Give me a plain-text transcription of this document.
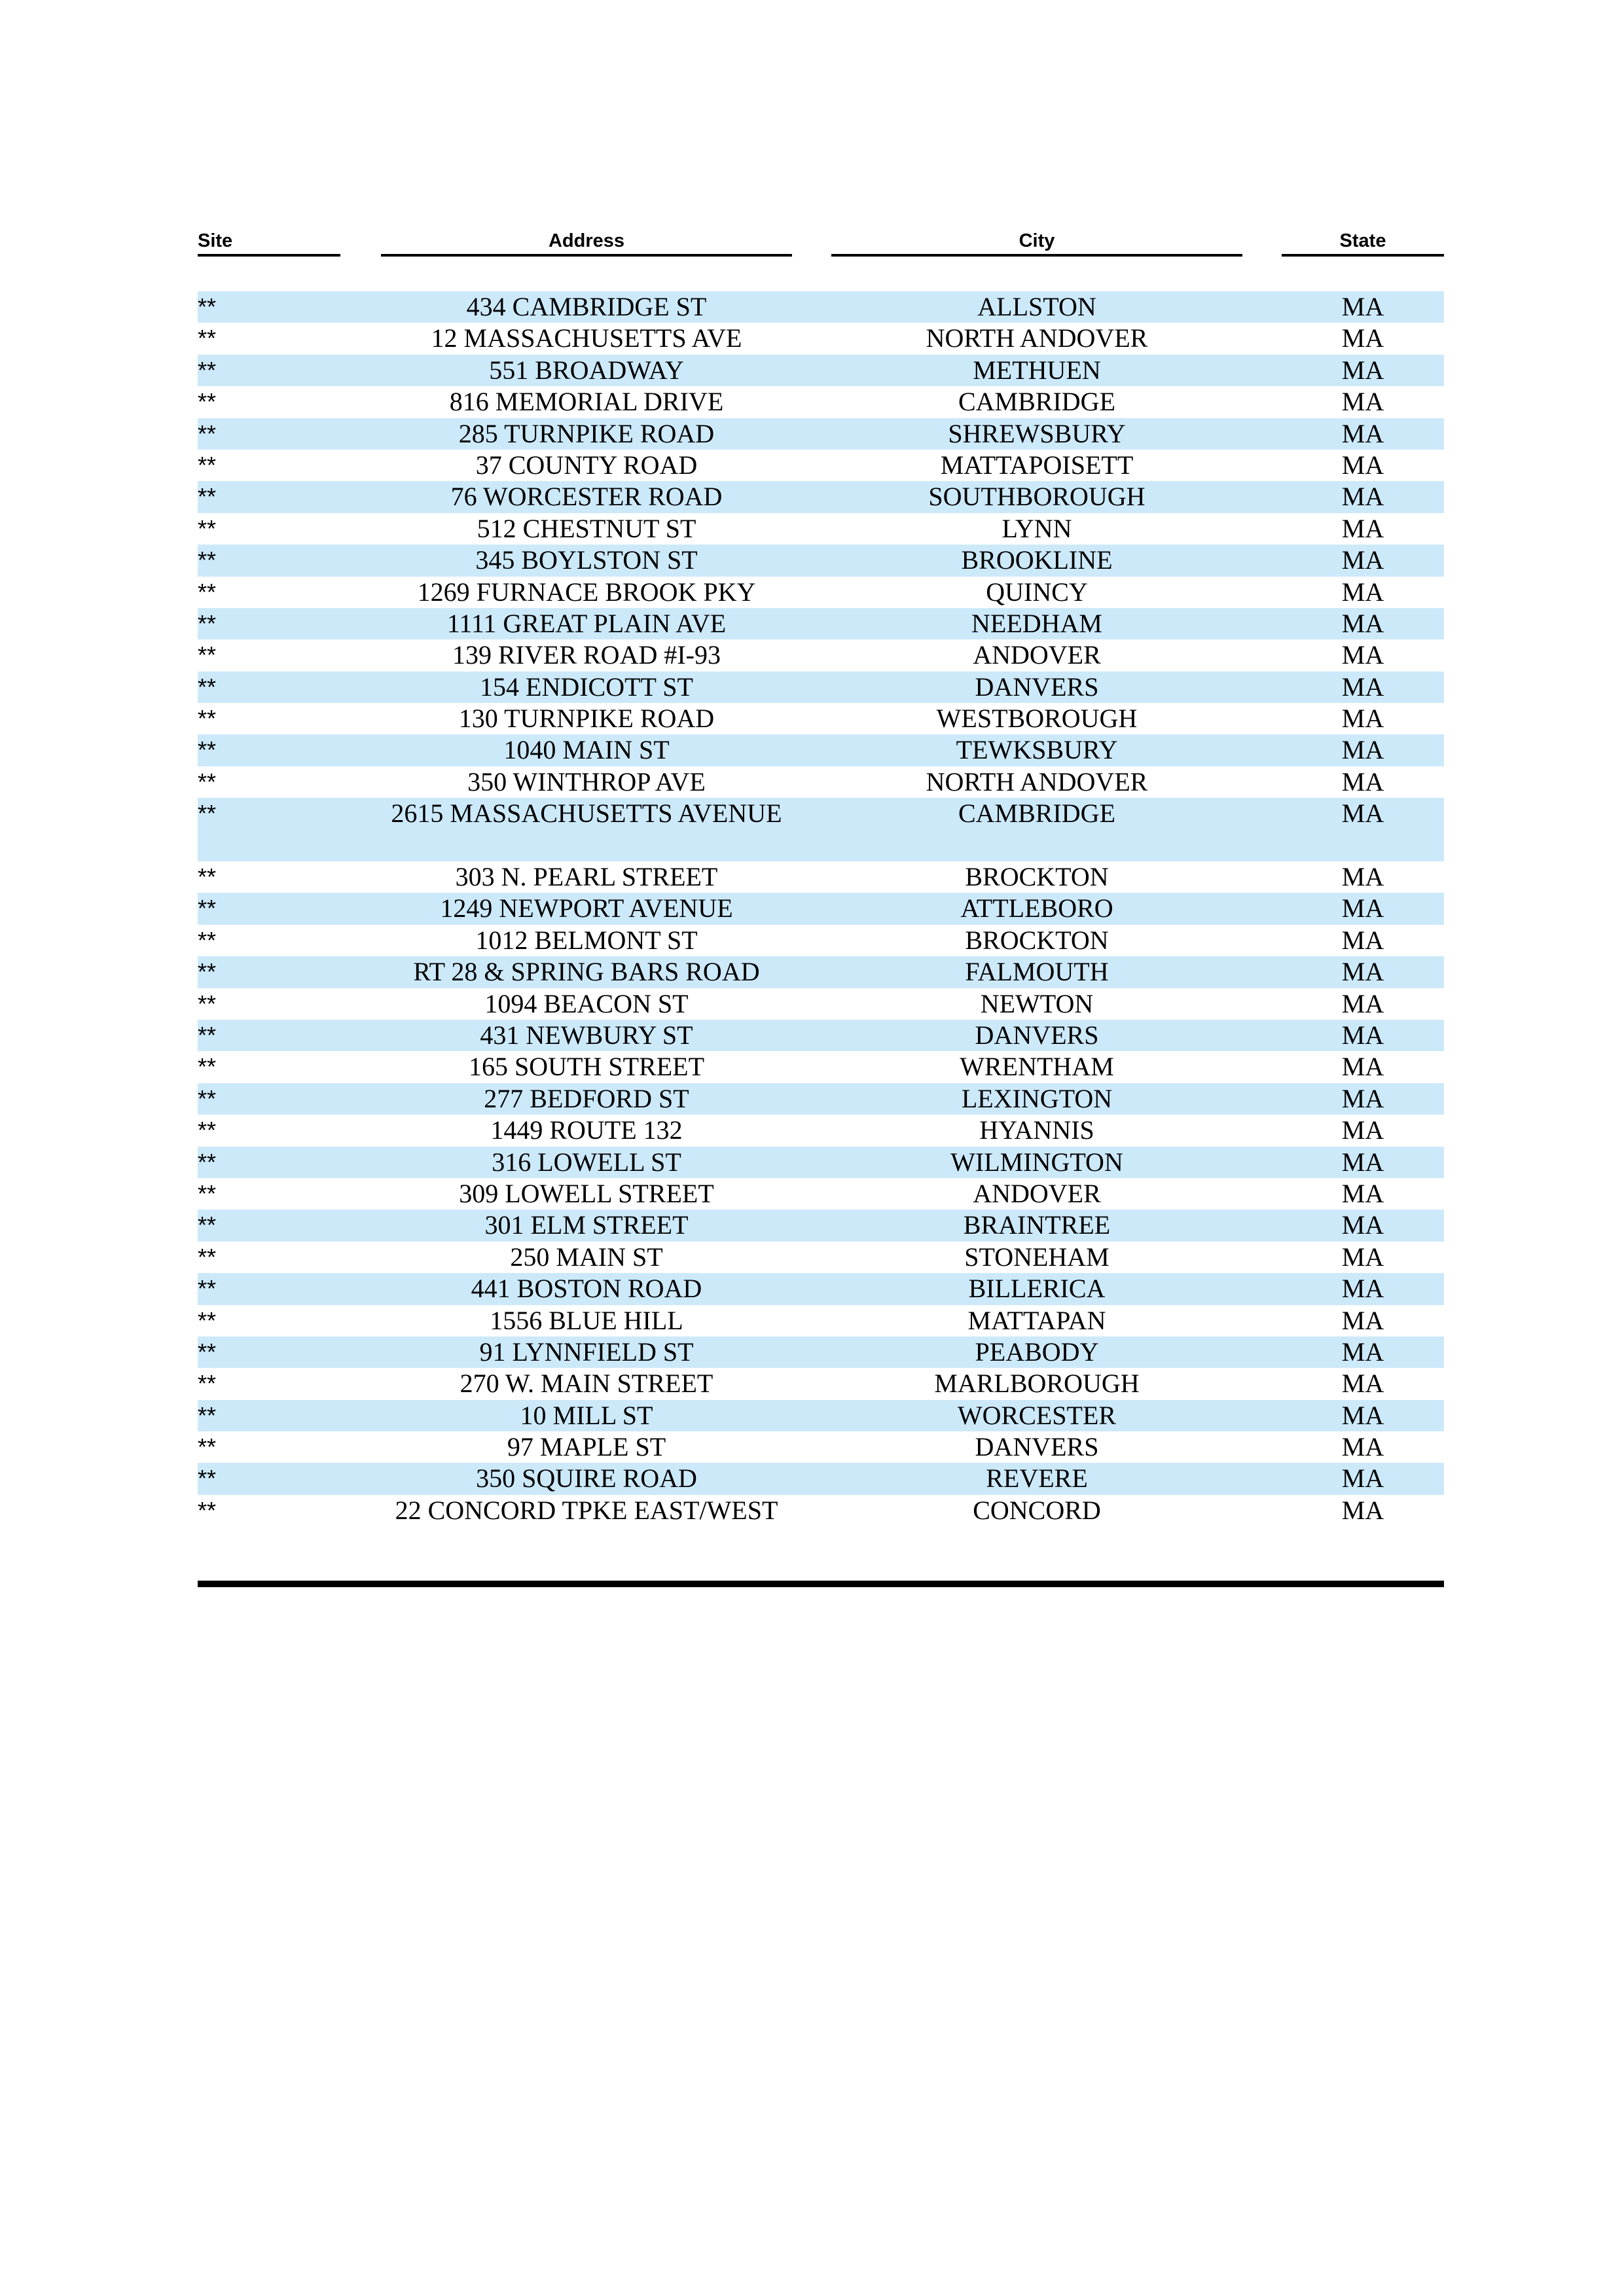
Site	Address	City	State
**	434 CAMBRIDGE ST	ALLSTON	MA
**	12 MASSACHUSETTS AVE	NORTH ANDOVER	MA
**	551 BROADWAY	METHUEN	MA
**	816 MEMORIAL DRIVE	CAMBRIDGE	MA
**	285 TURNPIKE ROAD	SHREWSBURY	MA
**	37 COUNTY ROAD	MATTAPOISETT	MA
**	76 WORCESTER ROAD	SOUTHBOROUGH	MA
**	512 CHESTNUT ST	LYNN	MA
**	345 BOYLSTON ST	BROOKLINE	MA
**	1269 FURNACE BROOK PKY	QUINCY	MA
**	1111 GREAT PLAIN AVE	NEEDHAM	MA
**	139 RIVER ROAD #I-93	ANDOVER	MA
**	154 ENDICOTT ST	DANVERS	MA
**	130 TURNPIKE ROAD	WESTBOROUGH	MA
**	1040 MAIN ST	TEWKSBURY	MA
**	350 WINTHROP AVE	NORTH ANDOVER	MA
**	2615 MASSACHUSETTS AVENUE	CAMBRIDGE	MA
**	303 N. PEARL STREET	BROCKTON	MA
**	1249 NEWPORT AVENUE	ATTLEBORO	MA
**	1012 BELMONT ST	BROCKTON	MA
**	RT 28 & SPRING BARS ROAD	FALMOUTH	MA
**	1094 BEACON ST	NEWTON	MA
**	431 NEWBURY ST	DANVERS	MA
**	165 SOUTH STREET	WRENTHAM	MA
**	277 BEDFORD ST	LEXINGTON	MA
**	1449 ROUTE 132	HYANNIS	MA
**	316 LOWELL ST	WILMINGTON	MA
**	309 LOWELL STREET	ANDOVER	MA
**	301 ELM STREET	BRAINTREE	MA
**	250 MAIN ST	STONEHAM	MA
**	441 BOSTON ROAD	BILLERICA	MA
**	1556 BLUE HILL	MATTAPAN	MA
**	91 LYNNFIELD ST	PEABODY	MA
**	270 W. MAIN STREET	MARLBOROUGH	MA
**	10 MILL ST	WORCESTER	MA
**	97 MAPLE ST	DANVERS	MA
**	350 SQUIRE ROAD	REVERE	MA
**	22 CONCORD TPKE EAST/WEST	CONCORD	MA
